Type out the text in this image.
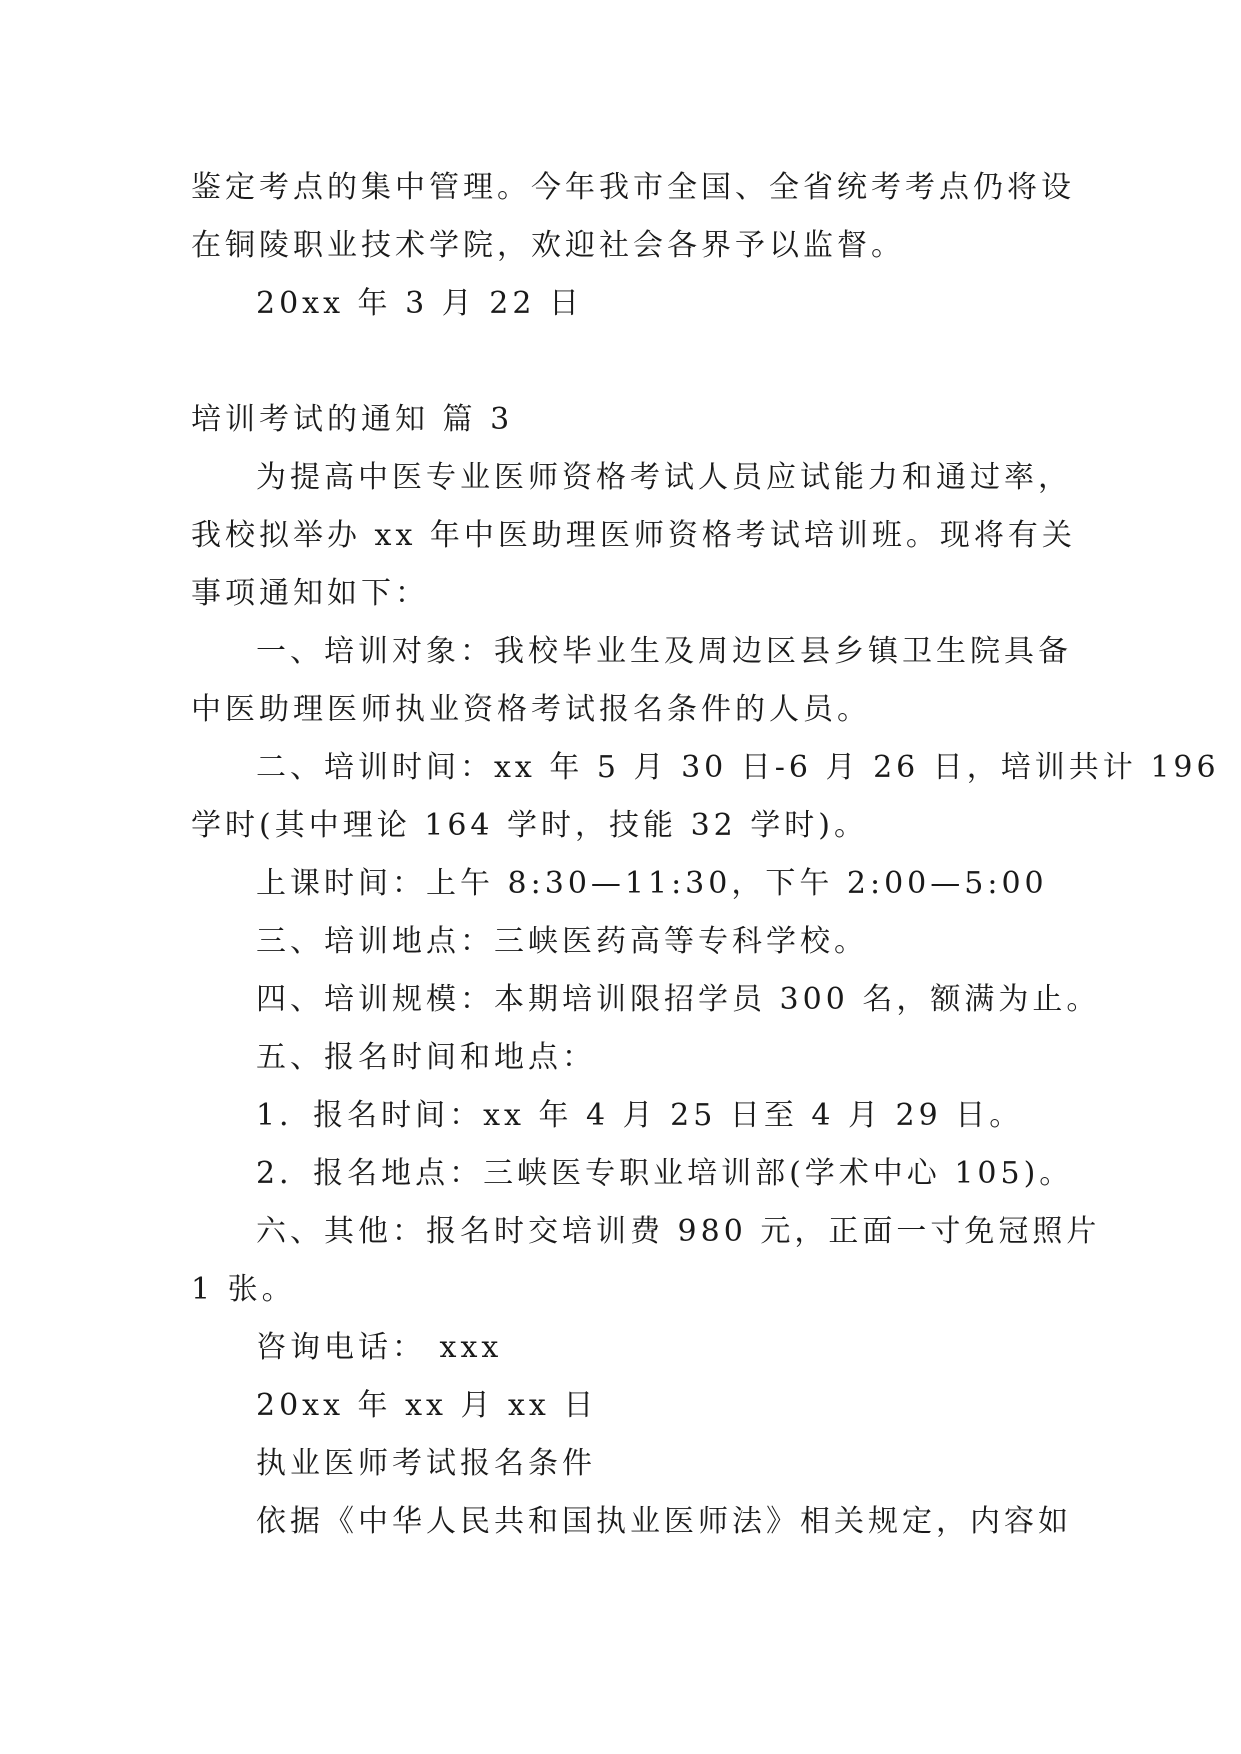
鉴定考点的集中管理。今年我市全国、全省统考考点仍将设
在铜陵职业技术学院，欢迎社会各界予以监督。
20xx 年 3 月 22 日
培训考试的通知 篇 3
为提高中医专业医师资格考试人员应试能力和通过率，
我校拟举办 xx 年中医助理医师资格考试培训班。现将有关
事项通知如下：
一、培训对象：我校毕业生及周边区县乡镇卫生院具备
中医助理医师执业资格考试报名条件的人员。
二、培训时间：xx 年 5 月 30 日-6 月 26 日，培训共计 196
学时(其中理论 164 学时，技能 32 学时)。
上课时间：上午 8:30—11:30，下午 2:00—5:00
三、培训地点：三峡医药高等专科学校。
四、培训规模：本期培训限招学员 300 名，额满为止。
五、报名时间和地点：
1．报名时间：xx 年 4 月 25 日至 4 月 29 日。
2．报名地点：三峡医专职业培训部(学术中心 105)。
六、其他：报名时交培训费 980 元，正面一寸免冠照片
1 张。
咨询电话： xxx
20xx 年 xx 月 xx 日
执业医师考试报名条件
依据《中华人民共和国执业医师法》相关规定，内容如
